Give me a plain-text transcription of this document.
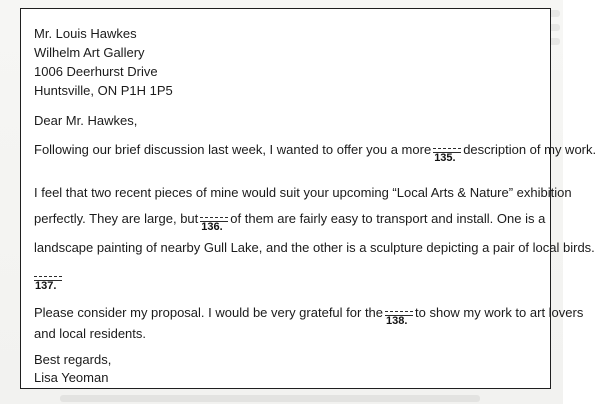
Mr. Louis Hawkes
Wilhelm Art Gallery
1006 Deerhurst Drive
Huntsville, ON P1H 1P5
Dear Mr. Hawkes,
Following our brief discussion last week, I wanted to offer you a more
135.
description of my work.
I feel that two recent pieces of mine would suit your upcoming “Local Arts & Nature” exhibition
perfectly. They are large, but
136.
of them are fairly easy to transport and install. One is a
landscape painting of nearby Gull Lake, and the other is a sculpture depicting a pair of local birds.
137.
Please consider my proposal. I would be very grateful for the
138.
to show my work to art lovers
and local residents.
Best regards,
Lisa Yeoman
